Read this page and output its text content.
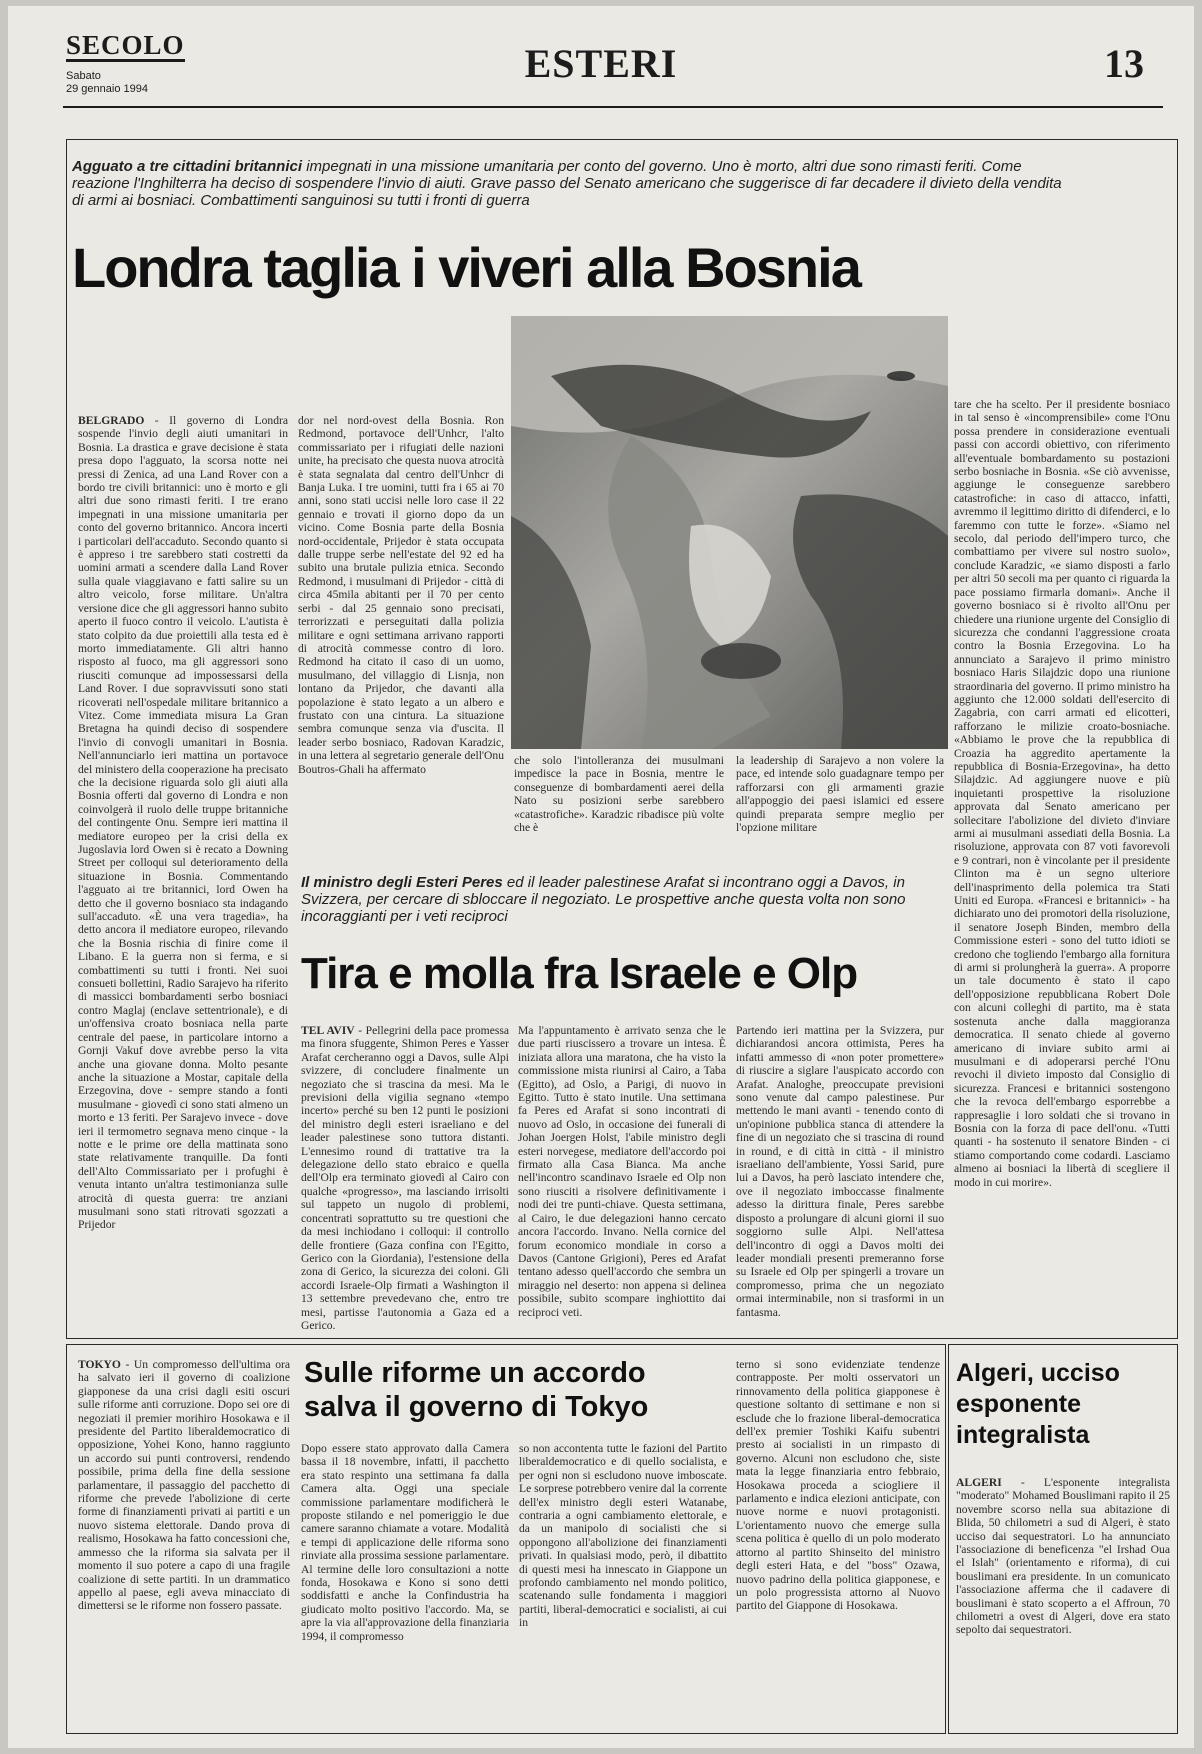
SECOLO
Sabato
29 gennaio 1994
ESTERI	13
Agguato a tre cittadini britannici impegnati in una missione umanitaria per conto del governo. Uno è morto, altri due sono rimasti feriti. Come reazione l'Inghilterra ha deciso di sospendere l'invio di aiuti. Grave passo del Senato americano che suggerisce di far decadere il divieto della vendita di armi ai bosniaci. Combattimenti sanguinosi su tutti i fronti di guerra
Londra taglia i viveri alla Bosnia

BELGRADO - Il governo di Londra sospende l'invio degli aiuti umanitari in Bosnia. La drastica e grave decisione è stata presa dopo l'agguato, la scorsa notte nei pressi di Zenica, ad una Land Rover con a bordo tre civili britannici: uno è morto e gli altri due sono rimasti feriti. I tre erano impegnati in una missione umanitaria per conto del governo britannico. Ancora incerti i particolari dell'accaduto. Secondo quanto si è appreso i tre sarebbero stati costretti da uomini armati a scendere dalla Land Rover sulla quale viaggiavano e fatti salire su un altro veicolo, forse militare. Un'altra versione dice che gli aggressori hanno subito aperto il fuoco contro il veicolo. L'autista è stato colpito da due proiettili alla testa ed è morto immediatamente. Gli altri hanno risposto al fuoco, ma gli aggressori sono riusciti comunque ad impossessarsi della Land Rover. I due sopravvissuti sono stati ricoverati nell'ospedale militare britannico a Vitez. Come immediata misura La Gran Bretagna ha quindi deciso di sospendere l'invio di convogli umanitari in Bosnia. Nell'annunciarlo ieri mattina un portavoce del ministero della cooperazione ha precisato che la decisione riguarda solo gli aiuti alla Bosnia offerti dal governo di Londra e non coinvolgerà il ruolo delle truppe britanniche del contingente Onu. Sempre ieri mattina il mediatore europeo per la crisi della ex Jugoslavia lord Owen si è recato a Downing Street per colloqui sul deterioramento della situazione in Bosnia. Commentando l'agguato ai tre britannici, lord Owen ha detto che il governo bosniaco sta indagando sull'accaduto. «È una vera tragedia», ha detto ancora il mediatore europeo, rilevando che la Bosnia rischia di finire come il Libano. E la guerra non si ferma, e si combattimenti su tutti i fronti. Nei suoi consueti bollettini, Radio Sarajevo ha riferito di massicci bombardamenti serbo bosniaci contro Maglaj (enclave settentrionale), e di un'offensiva croato bosniaca nella parte centrale del paese, in particolare intorno a Gornji Vakuf dove avrebbe perso la vita anche una giovane donna. Molto pesante anche la situazione a Mostar, capitale della Erzegovina, dove - sempre stando a fonti musulmane - giovedì ci sono stati almeno un morto e 13 feriti. Per Sarajevo invece - dove ieri il termometro segnava meno cinque - la notte e le prime ore della mattinata sono state relativamente tranquille. Da fonti dell'Alto Commissariato per i profughi è venuta intanto un'altra testimonianza sulle atrocità di questa guerra: tre anziani musulmani sono stati ritrovati sgozzati a Prijedor

dor nel nord-ovest della Bosnia. Ron Redmond, portavoce dell'Unhcr, l'alto commissariato per i rifugiati delle nazioni unite, ha precisato che questa nuova atrocità è stata segnalata dal centro dell'Unhcr di Banja Luka. I tre uomini, tutti fra i 65 ai 70 anni, sono stati uccisi nelle loro case il 22 gennaio e trovati il giorno dopo da un vicino. Come Bosnia parte della Bosnia nord-occidentale, Prijedor è stata occupata dalle truppe serbe nell'estate del 92 ed ha subito una brutale pulizia etnica. Secondo Redmond, i musulmani di Prijedor - città di circa 45mila abitanti per il 70 per cento serbi - dal 25 gennaio sono precisati, terrorizzati e perseguitati dalla polizia militare e ogni settimana arrivano rapporti di atrocità commesse contro di loro. Redmond ha citato il caso di un uomo, musulmano, del villaggio di Lisnja, non lontano da Prijedor, che davanti alla popolazione è stato legato a un albero e frustato con una cintura. La situazione sembra comunque senza via d'uscita. Il leader serbo bosniaco, Radovan Karadzic, in una lettera al segretario generale dell'Onu Boutros-Ghali ha affermato

che solo l'intolleranza dei musulmani impedisce la pace in Bosnia, mentre le conseguenze di bombardamenti aerei della Nato su posizioni serbe sarebbero «catastrofiche». Karadzic ribadisce più volte che è

la leadership di Sarajevo a non volere la pace, ed intende solo guadagnare tempo per rafforzarsi con gli armamenti grazie all'appoggio dei paesi islamici ed essere quindi preparata sempre meglio per l'opzione militare

tare che ha scelto. Per il presidente bosniaco in tal senso è «incomprensibile» come l'Onu possa prendere in considerazione eventuali passi con accordi obiettivo, con riferimento all'eventuale bombardamento su postazioni serbo bosniache in Bosnia. «Se ciò avvenisse, aggiunge le conseguenze sarebbero catastrofiche: in caso di attacco, infatti, avremmo il legittimo diritto di difenderci, e lo faremmo con tutte le forze». «Siamo nel secolo, dal periodo dell'impero turco, che combattiamo per vivere sul nostro suolo», conclude Karadzic, «e siamo disposti a farlo per altri 50 secoli ma per quanto ci riguarda la pace possiamo firmarla domani». Anche il governo bosniaco si è rivolto all'Onu per chiedere una riunione urgente del Consiglio di sicurezza che condanni l'aggressione croata contro la Bosnia Erzegovina. Lo ha annunciato a Sarajevo il primo ministro bosniaco Haris Silajdzic dopo una riunione straordinaria del governo. Il primo ministro ha aggiunto che 12.000 soldati dell'esercito di Zagabria, con carri armati ed elicotteri, rafforzano le milizie croato-bosniache. «Abbiamo le prove che la repubblica di Croazia ha aggredito apertamente la repubblica di Bosnia-Erzegovina», ha detto Silajdzic. Ad aggiungere nuove e più inquietanti prospettive la risoluzione approvata dal Senato americano per sollecitare l'abolizione del divieto d'inviare armi ai musulmani assediati della Bosnia. La risoluzione, approvata con 87 voti favorevoli e 9 contrari, non è vincolante per il presidente Clinton ma è un segno ulteriore dell'inasprimento della polemica tra Stati Uniti ed Europa. «Francesi e britannici» - ha dichiarato uno dei promotori della risoluzione, il senatore Joseph Binden, membro della Commissione esteri - sono del tutto idioti se credono che togliendo l'embargo alla fornitura di armi si prolungherà la guerra». A proporre un tale documento è stato il capo dell'opposizione repubblicana Robert Dole con alcuni colleghi di partito, ma è stata sostenuta anche dalla maggioranza democratica. Il senato chiede al governo americano di inviare subito armi ai musulmani e di adoperarsi perché l'Onu revochi il divieto imposto dal Consiglio di sicurezza. Francesi e britannici sostengono che la revoca dell'embargo esporrebbe a rappresaglie i loro soldati che si trovano in Bosnia con la forza di pace dell'onu. «Tutti quanti - ha sostenuto il senatore Binden - ci stiamo comportando come codardi. Lasciamo almeno ai bosniaci la libertà di scegliere il modo in cui morire».

Il ministro degli Esteri Peres ed il leader palestinese Arafat si incontrano oggi a Davos, in Svizzera, per cercare di sbloccare il negoziato. Le prospettive anche questa volta non sono incoraggianti per i veti reciproci
Tira e molla fra Israele e Olp

TEL AVIV - Pellegrini della pace promessa ma finora sfuggente, Shimon Peres e Yasser Arafat cercheranno oggi a Davos, sulle Alpi svizzere, di concludere finalmente un negoziato che si trascina da mesi. Ma le previsioni della vigilia segnano «tempo incerto» perché su ben 12 punti le posizioni del ministro degli esteri israeliano e del leader palestinese sono tuttora distanti. L'ennesimo round di trattative tra la delegazione dello stato ebraico e quella dell'Olp era terminato giovedì al Cairo con qualche «progresso», ma lasciando irrisolti sul tappeto un nugolo di problemi, concentrati soprattutto su tre questioni che da mesi inchiodano i colloqui: il controllo delle frontiere (Gaza confina con l'Egitto, Gerico con la Giordania), l'estensione della zona di Gerico, la sicurezza dei coloni. Gli accordi Israele-Olp firmati a Washington il 13 settembre prevedevano che, entro tre mesi, partisse l'autonomia a Gaza ed a Gerico.

Ma l'appuntamento è arrivato senza che le due parti riuscissero a trovare un intesa. È iniziata allora una maratona, che ha visto la commissione mista riunirsi al Cairo, a Taba (Egitto), ad Oslo, a Parigi, di nuovo in Egitto. Tutto è stato inutile. Una settimana fa Peres ed Arafat si sono incontrati di nuovo ad Oslo, in occasione dei funerali di Johan Joergen Holst, l'abile ministro degli esteri norvegese, mediatore dell'accordo poi firmato alla Casa Bianca. Ma anche nell'incontro scandinavo Israele ed Olp non sono riusciti a risolvere definitivamente i nodi dei tre punti-chiave. Questa settimana, al Cairo, le due delegazioni hanno cercato ancora l'accordo. Invano. Nella cornice del forum economico mondiale in corso a Davos (Cantone Grigioni), Peres ed Arafat tentano adesso quell'accordo che sembra un miraggio nel deserto: non appena si delinea possibile, subito scompare inghiottito dai reciproci veti.

Partendo ieri mattina per la Svizzera, pur dichiarandosi ancora ottimista, Peres ha infatti ammesso di «non poter promettere» di riuscire a siglare l'auspicato accordo con Arafat. Analoghe, preoccupate previsioni sono venute dal campo palestinese. Pur mettendo le mani avanti - tenendo conto di un'opinione pubblica stanca di attendere la fine di un negoziato che si trascina di round in round, e di città in città - il ministro israeliano dell'ambiente, Yossi Sarid, pure lui a Davos, ha però lasciato intendere che, ove il negoziato imboccasse finalmente adesso la dirittura finale, Peres sarebbe disposto a prolungare di alcuni giorni il suo soggiorno sulle Alpi. Nell'attesa dell'incontro di oggi a Davos molti dei leader mondiali presenti premeranno forse su Israele ed Olp per spingerli a trovare un compromesso, prima che un negoziato ormai interminabile, non si trasformi in un fantasma.

Sulle riforme un accordo salva il governo di Tokyo

TOKYO - Un compromesso dell'ultima ora ha salvato ieri il governo di coalizione giapponese da una crisi dagli esiti oscuri sulle riforme anti corruzione. Dopo sei ore di negoziati il premier morihiro Hosokawa e il presidente del Partito liberaldemocratico di opposizione, Yohei Kono, hanno raggiunto un accordo sui punti controversi, rendendo possibile, prima della fine della sessione parlamentare, il passaggio del pacchetto di riforme che prevede l'abolizione di certe forme di finanziamenti privati ai partiti e un nuovo sistema elettorale. Dando prova di realismo, Hosokawa ha fatto concessioni che, ammesso che la riforma sia salvata per il momento il suo potere a capo di una fragile coalizione di sette partiti. In un drammatico appello al paese, egli aveva minacciato di dimettersi se le riforme non fossero passate.

Dopo essere stato approvato dalla Camera bassa il 18 novembre, infatti, il pacchetto era stato respinto una settimana fa dalla Camera alta. Oggi una speciale commissione parlamentare modificherà le proposte stilando e nel pomeriggio le due camere saranno chiamate a votare. Modalità e tempi di applicazione delle riforma sono rinviate alla prossima sessione parlamentare. Al termine delle loro consultazioni a notte fonda, Hosokawa e Kono si sono detti soddisfatti e anche la Confindustria ha giudicato molto positivo l'accordo. Ma, se apre la via all'approvazione della finanziaria 1994, il compromesso

so non accontenta tutte le fazioni del Partito liberaldemocratico e di quello socialista, e per ogni non si escludono nuove imboscate. Le sorprese potrebbero venire dal la corrente dell'ex ministro degli esteri Watanabe, contraria a ogni cambiamento elettorale, e da un manipolo di socialisti che si oppongono all'abolizione dei finanziamenti privati. In qualsiasi modo, però, il dibattito di questi mesi ha innescato in Giappone un profondo cambiamento nel mondo politico, scatenando sulle fondamenta i maggiori partiti, liberal-democratici e socialisti, ai cui in

terno si sono evidenziate tendenze contrapposte. Per molti osservatori un rinnovamento della politica giapponese è questione soltanto di settimane e non si esclude che lo frazione liberal-democratica dell'ex premier Toshiki Kaifu subentri presto ai socialisti in un rimpasto di governo. Alcuni non escludono che, siste mata la legge finanziaria entro febbraio, Hosokawa proceda a sciogliere il parlamento e indica elezioni anticipate, con nuove norme e nuovi protagonisti. L'orientamento nuovo che emerge sulla scena politica è quello di un polo moderato attorno al partito Shinseito del ministro degli esteri Hata, e del "boss" Ozawa, nuovo padrino della politica giapponese, e un polo progressista attorno al Nuovo partito del Giappone di Hosokawa.

Algeri, ucciso esponente integralista

ALGERI - L'esponente integralista "moderato" Mohamed Bouslimani rapito il 25 novembre scorso nella sua abitazione di Blida, 50 chilometri a sud di Algeri, è stato ucciso dai sequestratori. Lo ha annunciato l'associazione di beneficenza "el Irshad Oua el Islah" (orientamento e riforma), di cui bouslimani era presidente. In un comunicato l'associazione afferma che il cadavere di bouslimani è stato scoperto a el Affroun, 70 chilometri a ovest di Algeri, dove era stato sepolto dai sequestratori.
